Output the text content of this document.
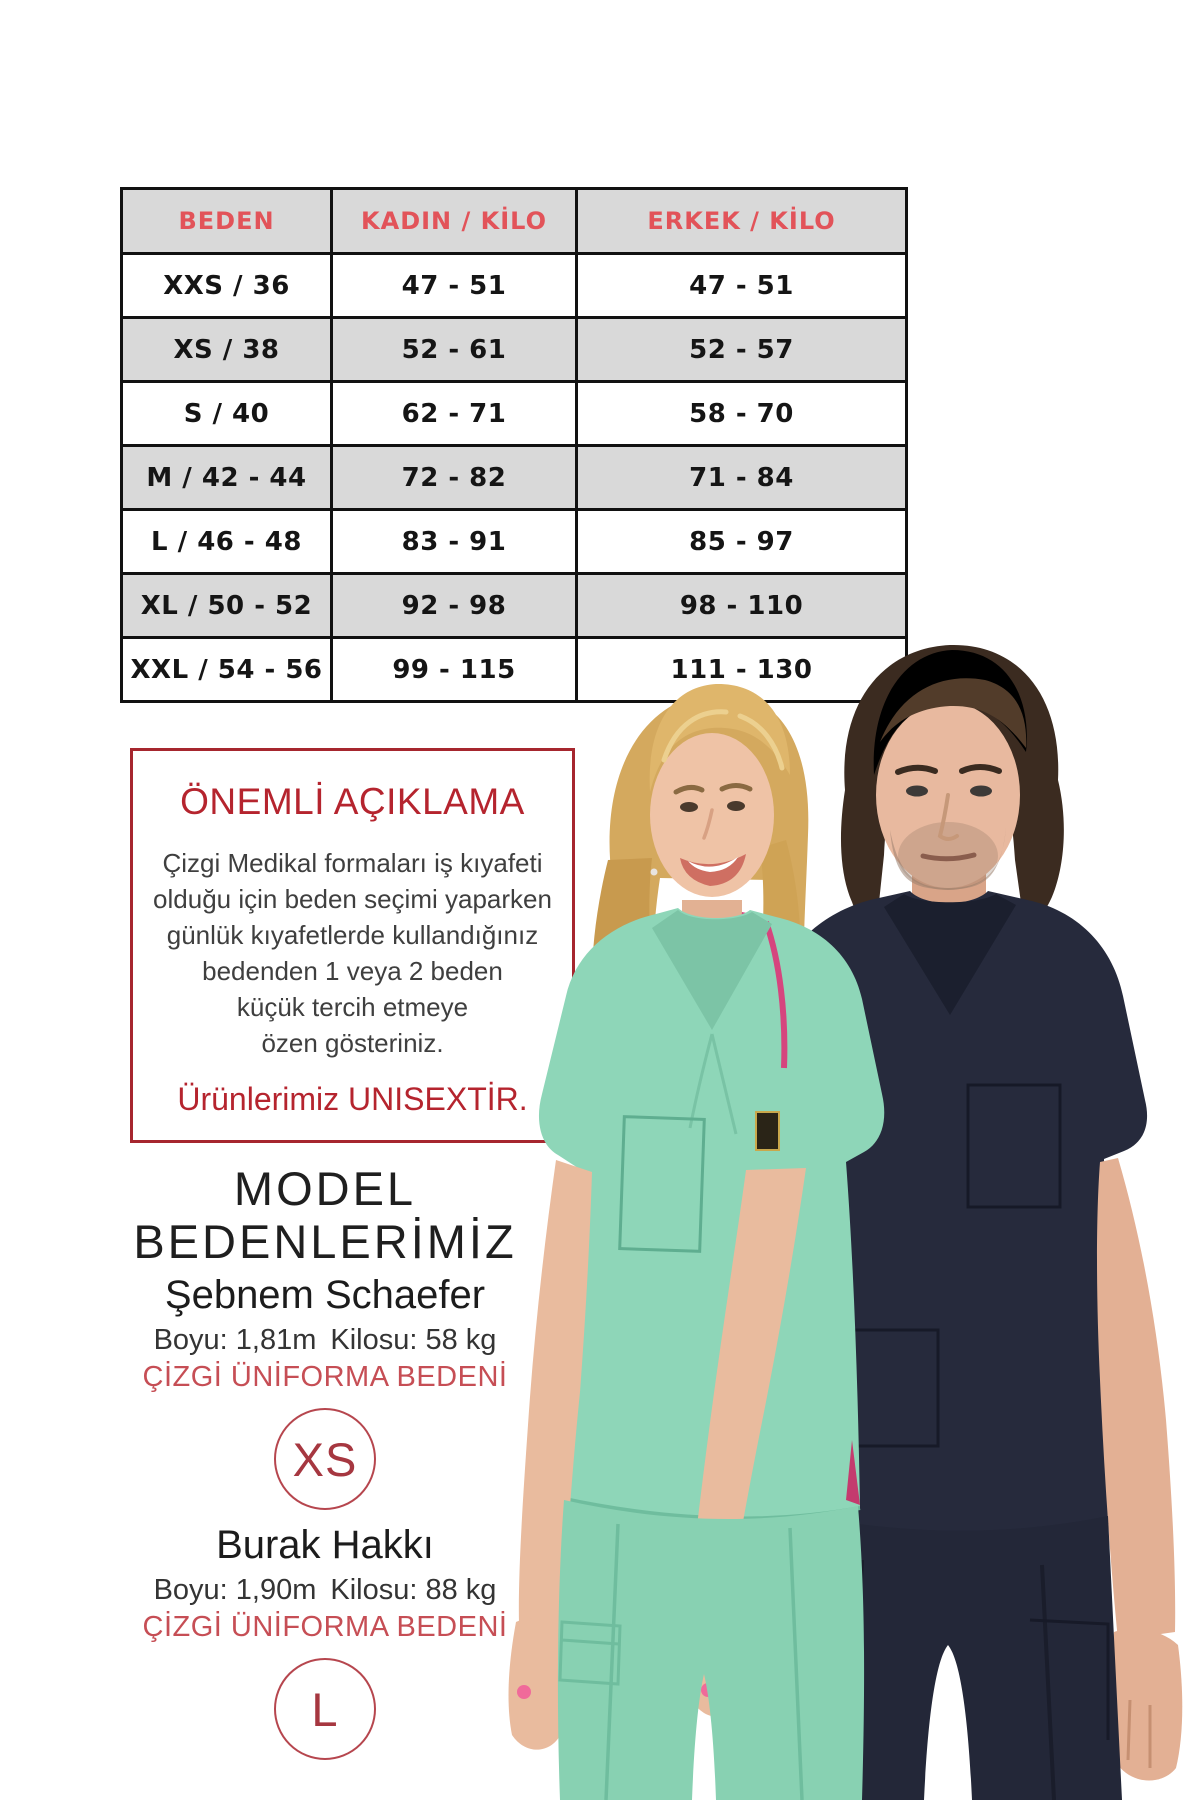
BEDEN	KADIN / KİLO	ERKEK / KİLO
XXS / 36	47 - 51	47 - 51
XS / 38	52 - 61	52 - 57
S / 40	62 - 71	58 - 70
M / 42 - 44	72 - 82	71 - 84
L / 46 - 48	83 - 91	85 - 97
XL / 50 - 52	92 - 98	98 - 110
XXL / 54 - 56	99 - 115	111 - 130
ÖNEMLİ AÇIKLAMA
Çizgi Medikal formaları iş kıyafeti
olduğu için beden seçimi yaparken
günlük kıyafetlerde kullandığınız
bedenden 1 veya 2 beden
küçük tercih etmeye
özen gösteriniz.
Ürünlerimiz UNISEXTİR.
MODEL
BEDENLERİMİZ
Şebnem Schaefer
Boyu: 1,81m Kilosu: 58 kg
ÇİZGİ ÜNİFORMA BEDENİ
XS
Burak Hakkı
Boyu: 1,90m Kilosu: 88 kg
ÇİZGİ ÜNİFORMA BEDENİ
L
